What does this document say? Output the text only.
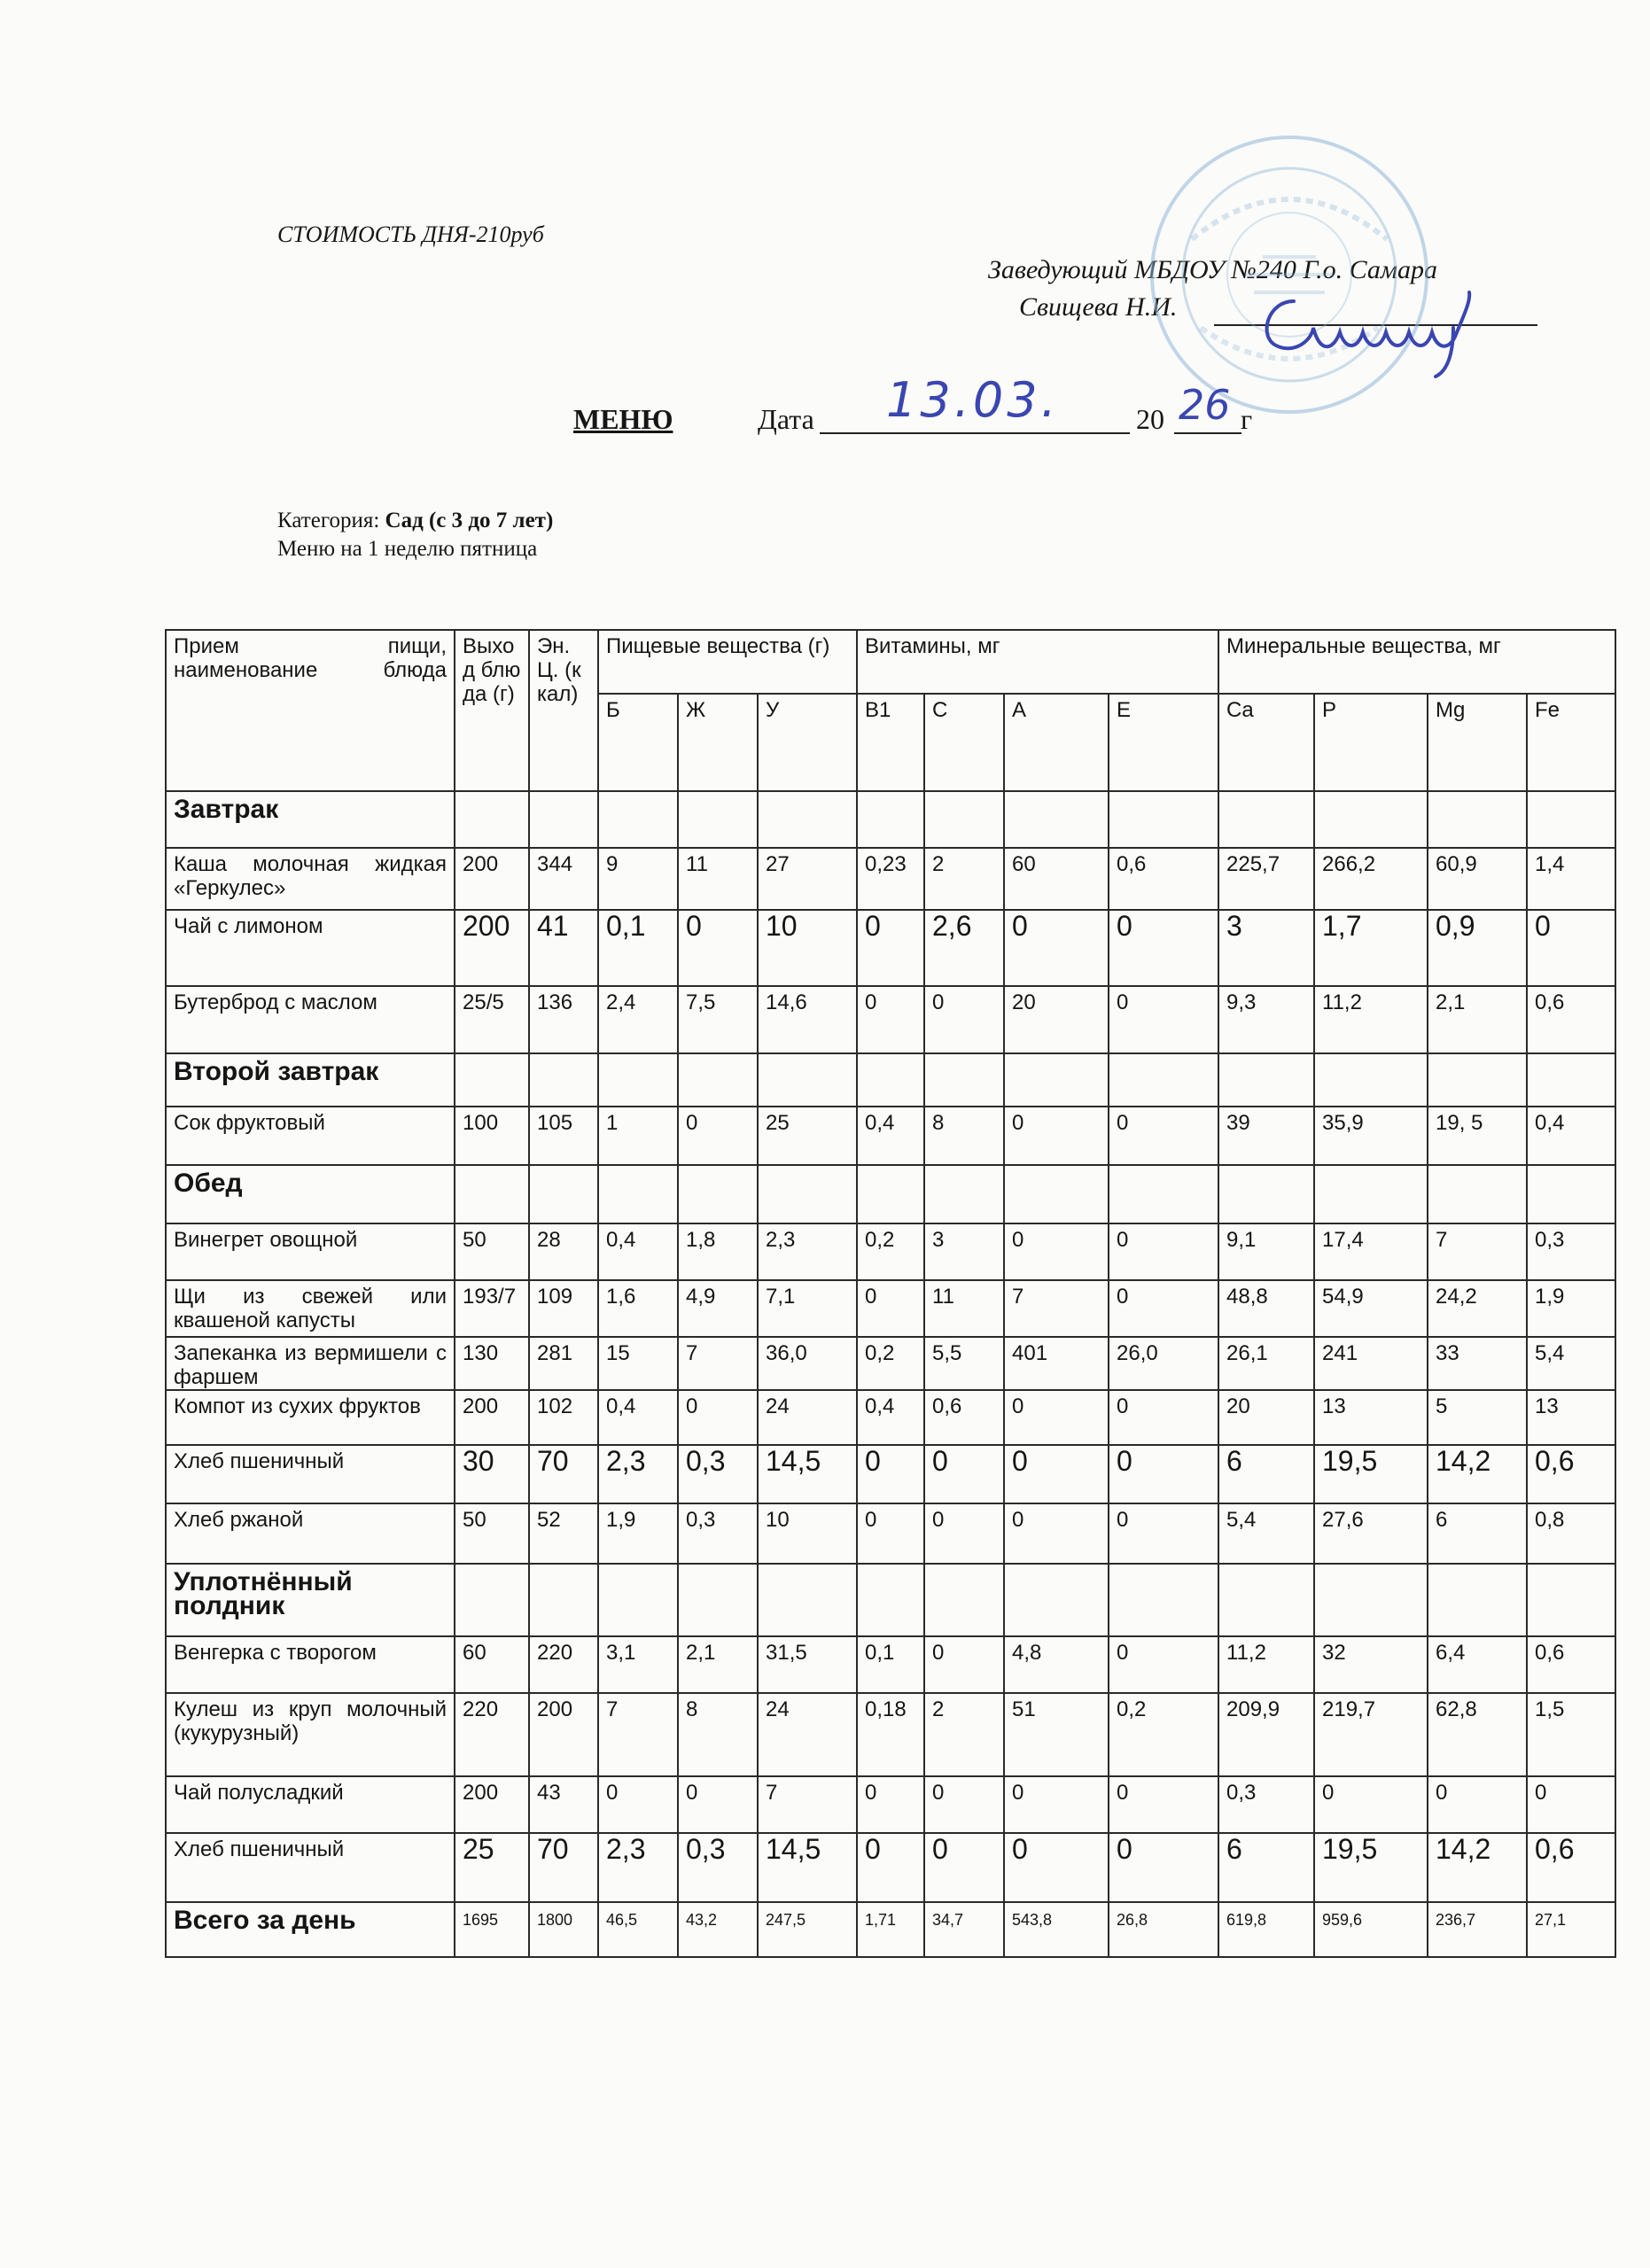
СТОИМОСТЬ ДНЯ-210руб
Заведующий МБДОУ №240 Г.о. Самара
Свищева Н.И.
МЕНЮ	Дата 13.03.	20 26 г
Категория: Сад (с 3 до 7 лет)
Меню на 1 неделю пятница
Прием пищи, наименование блюда	Выход блюда (г)	Эн. Ц. (ккал)	Пищевые вещества (г)			Витамины, мг				Минеральные вещества, мг			
			Б	Ж	У	В1	С	А	Е	Ca	P	Mg	Fe
Завтрак													
Каша молочная жидкая «Геркулес»	200	344	9	11	27	0,23	2	60	0,6	225,7	266,2	60,9	1,4
Чай с лимоном	200	41	0,1	0	10	0	2,6	0	0	3	1,7	0,9	0
Бутерброд с маслом	25/5	136	2,4	7,5	14,6	0	0	20	0	9,3	11,2	2,1	0,6
Второй завтрак													
Сок фруктовый	100	105	1	0	25	0,4	8	0	0	39	35,9	19, 5	0,4
Обед													
Винегрет овощной	50	28	0,4	1,8	2,3	0,2	3	0	0	9,1	17,4	7	0,3
Щи из свежей или квашеной капусты	193/7	109	1,6	4,9	7,1	0	11	7	0	48,8	54,9	24,2	1,9
Запеканка из вермишели с фаршем	130	281	15	7	36,0	0,2	5,5	401	26,0	26,1	241	33	5,4
Компот из сухих фруктов	200	102	0,4	0	24	0,4	0,6	0	0	20	13	5	13
Хлеб пшеничный	30	70	2,3	0,3	14,5	0	0	0	0	6	19,5	14,2	0,6
Хлеб ржаной	50	52	1,9	0,3	10	0	0	0	0	5,4	27,6	6	0,8
Уплотнённый полдник													
Венгерка с творогом	60	220	3,1	2,1	31,5	0,1	0	4,8	0	11,2	32	6,4	0,6
Кулеш из круп молочный (кукурузный)	220	200	7	8	24	0,18	2	51	0,2	209,9	219,7	62,8	1,5
Чай полусладкий	200	43	0	0	7	0	0	0	0	0,3	0	0	0
Хлеб пшеничный	25	70	2,3	0,3	14,5	0	0	0	0	6	19,5	14,2	0,6
Всего за день	1695	1800	46,5	43,2	247,5	1,71	34,7	543,8	26,8	619,8	959,6	236,7	27,1
